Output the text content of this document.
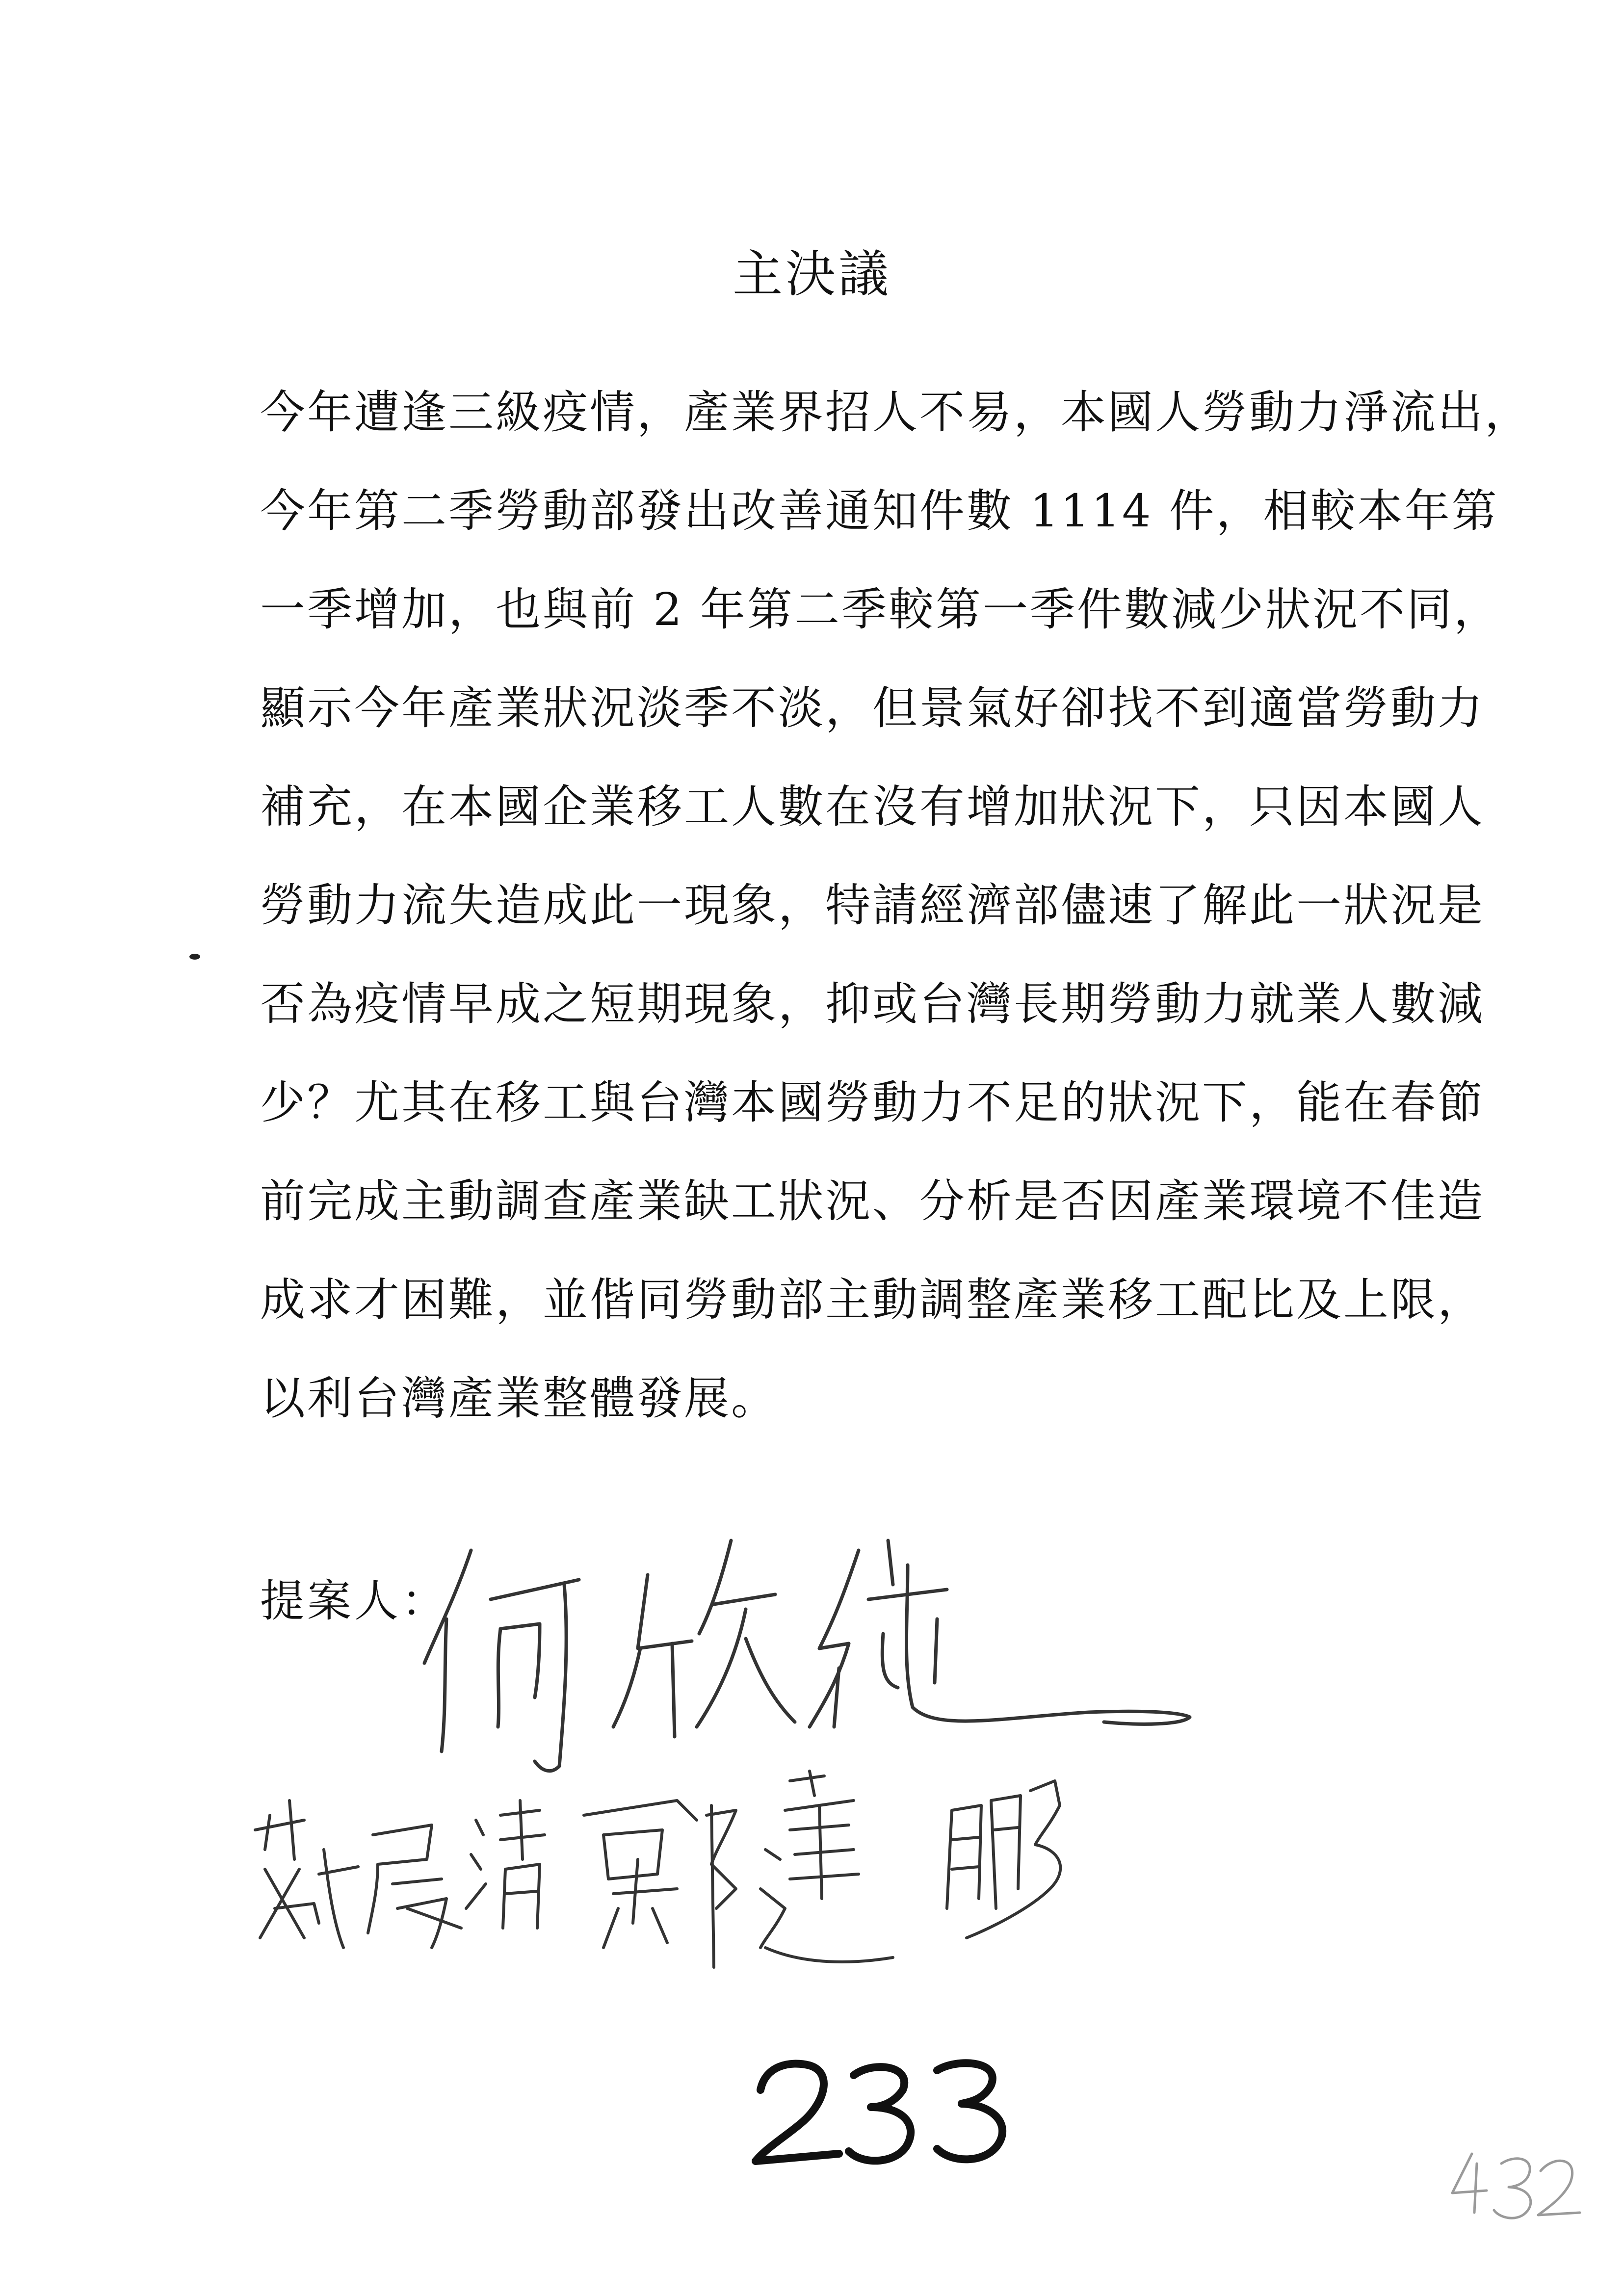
主決議
今年遭逢三級疫情，產業界招人不易，本國人勞動力淨流出，
今年第二季勞動部發出改善通知件數 1114 件，相較本年第
一季增加，也與前 2 年第二季較第一季件數減少狀況不同，
顯示今年產業狀況淡季不淡，但景氣好卻找不到適當勞動力
補充，在本國企業移工人數在沒有增加狀況下，只因本國人
勞動力流失造成此一現象，特請經濟部儘速了解此一狀況是
否為疫情早成之短期現象，抑或台灣長期勞動力就業人數減
少？尤其在移工與台灣本國勞動力不足的狀況下，能在春節
前完成主動調查產業缺工狀況、分析是否因產業環境不佳造
成求才困難，並偕同勞動部主動調整產業移工配比及上限，
以利台灣產業整體發展。
提案人：
